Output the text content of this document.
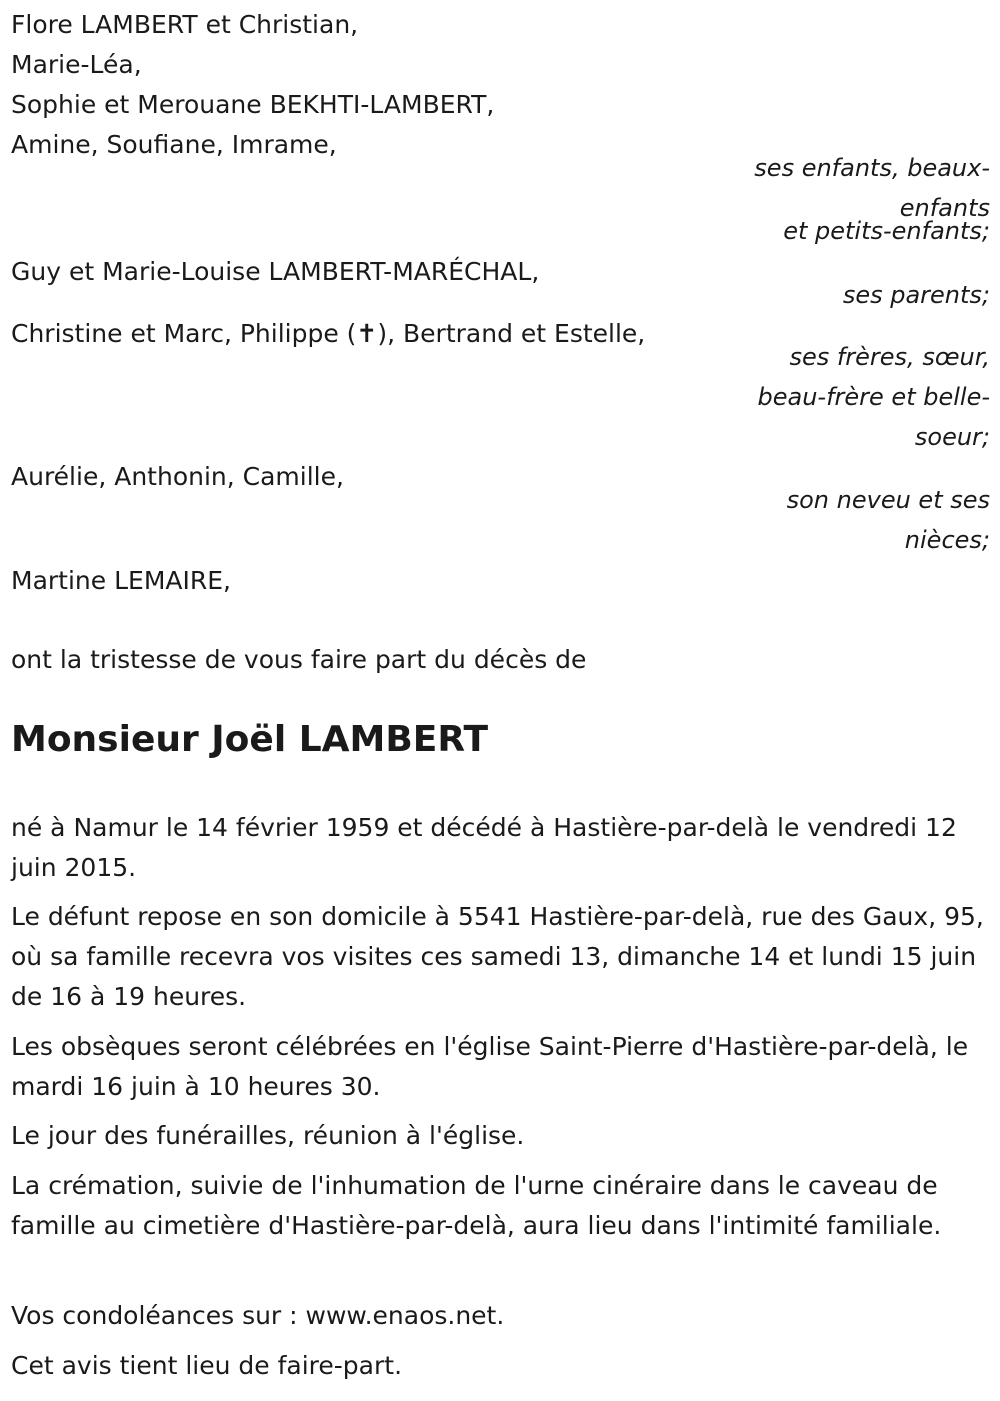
Flore LAMBERT et Christian,

Marie-Léa,

Sophie et Merouane BEKHTI-LAMBERT,

Amine, Soufiane, Imrame,

ses enfants, beaux-

enfants

et petits-enfants;

Guy et Marie-Louise LAMBERT-MARÉCHAL,

ses parents;

Christine et Marc, Philippe (✝), Bertrand et Estelle,

ses frères, sœur,

beau-frère et belle-

soeur;

Aurélie, Anthonin, Camille,

son neveu et ses

nièces;

Martine LEMAIRE,

ont la tristesse de vous faire part du décès de

Monsieur Joël LAMBERT

né à Namur le 14 février 1959 et décédé à Hastière-par-delà le vendredi 12 juin 2015.

Le défunt repose en son domicile à 5541 Hastière-par-delà, rue des Gaux, 95, où sa famille recevra vos visites ces samedi 13, dimanche 14 et lundi 15 juin de 16 à 19 heures.

Les obsèques seront célébrées en l'église Saint-Pierre d'Hastière-par-delà, le mardi 16 juin à 10 heures 30.

Le jour des funérailles, réunion à l'église.

La crémation, suivie de l'inhumation de l'urne cinéraire dans le caveau de famille au cimetière d'Hastière-par-delà, aura lieu dans l'intimité familiale.

Vos condoléances sur : www.enaos.net.

Cet avis tient lieu de faire-part.
